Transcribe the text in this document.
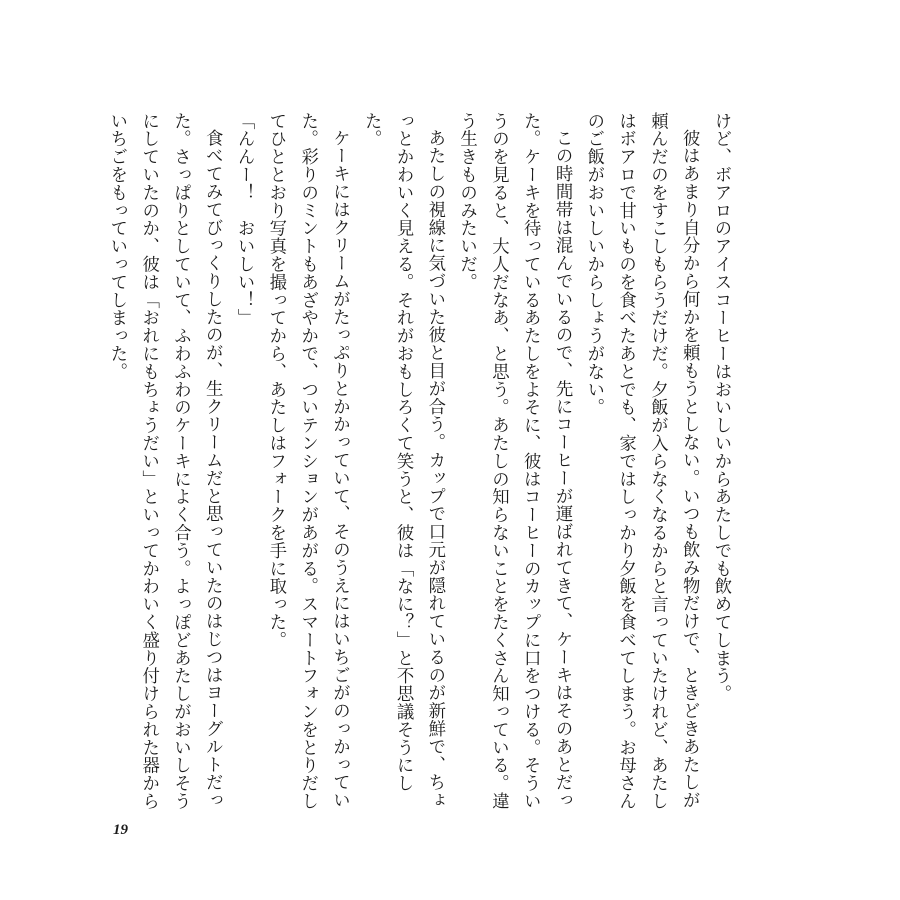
けど、ボアロのアイスコーヒーはおいしいからあたしでも飲めてしまう。

彼はあまり自分から何かを頼もうとしない。いつも飲み物だけで、ときどきあたしが頼んだのをすこしもらうだけだ。夕飯が入らなくなるからと言っていたけれど、あたしはボアロで甘いものを食べたあとでも、家ではしっかり夕飯を食べてしまう。お母さんのご飯がおいしいからしょうがない。

この時間帯は混んでいるので、先にコーヒーが運ばれてきて、ケーキはそのあとだった。ケーキを待っているあたしをよそに、彼はコーヒーのカップに口をつける。そういうのを見ると、大人だなあ、と思う。あたしの知らないことをたくさん知っている。違う生きものみたいだ。

あたしの視線に気づいた彼と目が合う。カップで口元が隠れているのが新鮮で、ちょっとかわいく見える。それがおもしろくて笑うと、彼は「なに？」と不思議そうにした。

ケーキにはクリームがたっぷりとかかっていて、そのうえにはいちごがのっかっていた。彩りのミントもあざやかで、ついテンションがあがる。スマートフォンをとりだしてひととおり写真を撮ってから、あたしはフォークを手に取った。

「んんー！　おいしい！」

食べてみてびっくりしたのが、生クリームだと思っていたのはじつはヨーグルトだった。さっぱりとしていて、ふわふわのケーキによく合う。よっぽどあたしがおいしそうにしていたのか、彼は「おれにもちょうだい」といってかわいく盛り付けられた器からいちごをもっていってしまった。

19
